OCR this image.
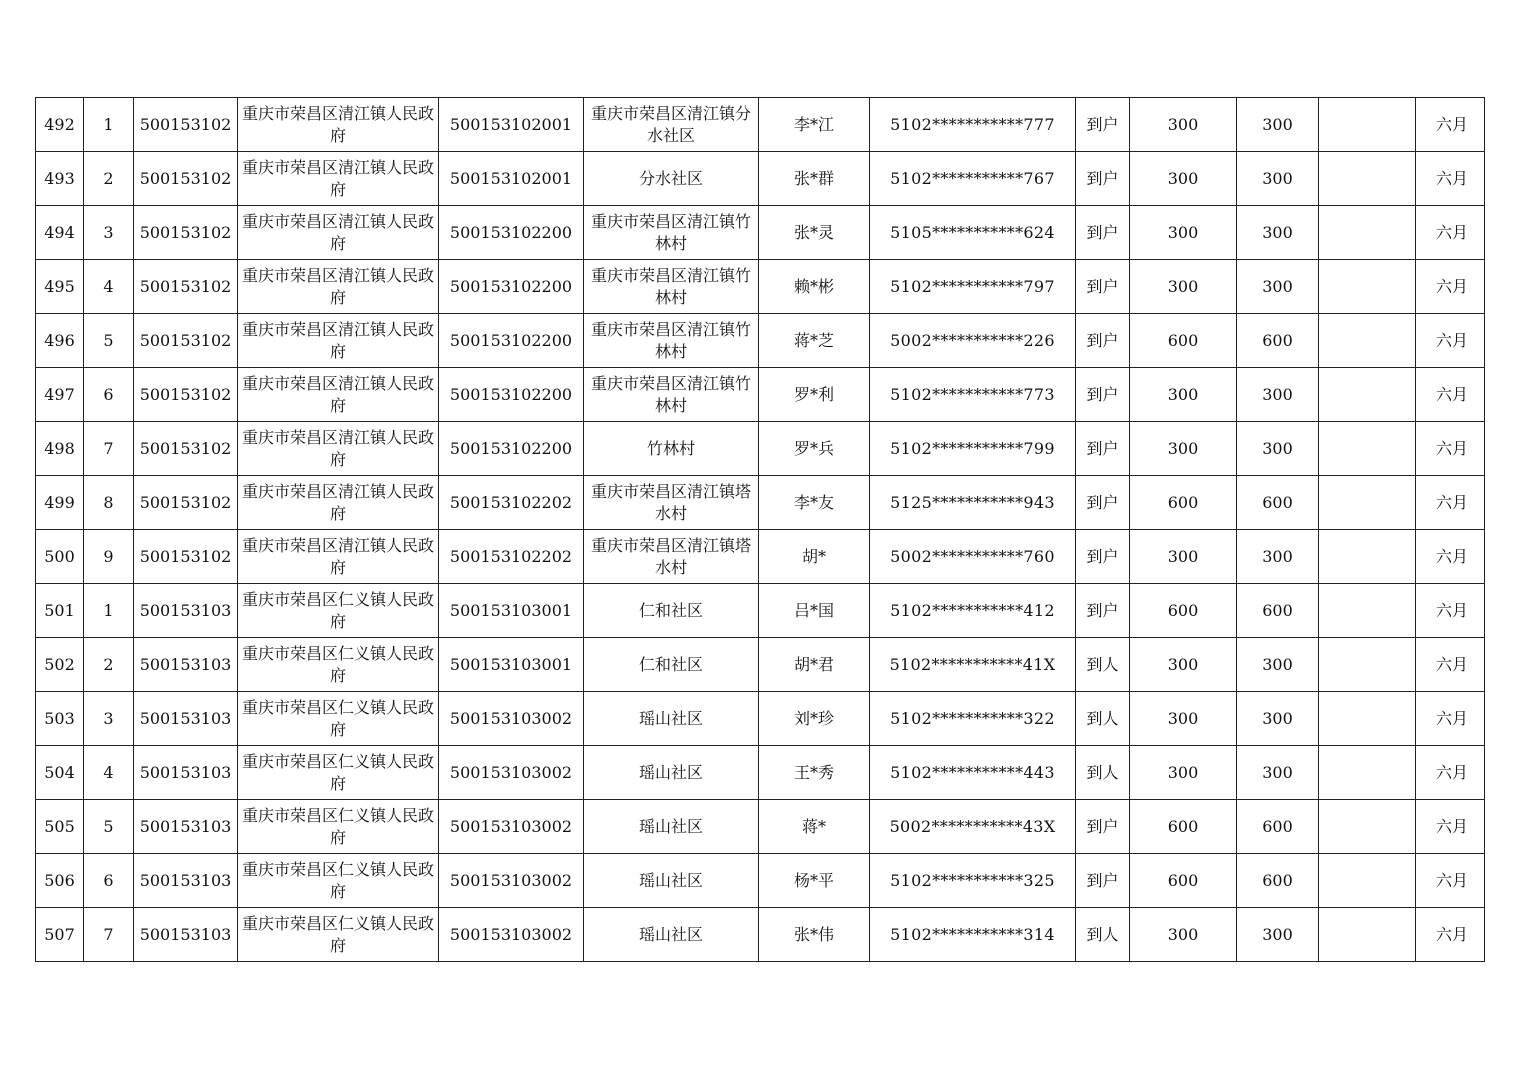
492	1	500153102	重庆市荣昌区清江镇人民政府	500153102001	重庆市荣昌区清江镇分水社区	李*江	5102***********777	到户	300	300		六月

493	2	500153102	重庆市荣昌区清江镇人民政府	500153102001	分水社区	张*群	5102***********767	到户	300	300		六月

494	3	500153102	重庆市荣昌区清江镇人民政府	500153102200	重庆市荣昌区清江镇竹林村	张*灵	5105***********624	到户	300	300		六月

495	4	500153102	重庆市荣昌区清江镇人民政府	500153102200	重庆市荣昌区清江镇竹林村	赖*彬	5102***********797	到户	300	300		六月

496	5	500153102	重庆市荣昌区清江镇人民政府	500153102200	重庆市荣昌区清江镇竹林村	蒋*芝	5002***********226	到户	600	600		六月

497	6	500153102	重庆市荣昌区清江镇人民政府	500153102200	重庆市荣昌区清江镇竹林村	罗*利	5102***********773	到户	300	300		六月

498	7	500153102	重庆市荣昌区清江镇人民政府	500153102200	竹林村	罗*兵	5102***********799	到户	300	300		六月

499	8	500153102	重庆市荣昌区清江镇人民政府	500153102202	重庆市荣昌区清江镇塔水村	李*友	5125***********943	到户	600	600		六月

500	9	500153102	重庆市荣昌区清江镇人民政府	500153102202	重庆市荣昌区清江镇塔水村	胡*	5002***********760	到户	300	300		六月

501	1	500153103	重庆市荣昌区仁义镇人民政府	500153103001	仁和社区	吕*国	5102***********412	到户	600	600		六月

502	2	500153103	重庆市荣昌区仁义镇人民政府	500153103001	仁和社区	胡*君	5102***********41X	到人	300	300		六月

503	3	500153103	重庆市荣昌区仁义镇人民政府	500153103002	瑶山社区	刘*珍	5102***********322	到人	300	300		六月

504	4	500153103	重庆市荣昌区仁义镇人民政府	500153103002	瑶山社区	王*秀	5102***********443	到人	300	300		六月

505	5	500153103	重庆市荣昌区仁义镇人民政府	500153103002	瑶山社区	蒋*	5002***********43X	到户	600	600		六月

506	6	500153103	重庆市荣昌区仁义镇人民政府	500153103002	瑶山社区	杨*平	5102***********325	到户	600	600		六月

507	7	500153103	重庆市荣昌区仁义镇人民政府	500153103002	瑶山社区	张*伟	5102***********314	到人	300	300		六月
